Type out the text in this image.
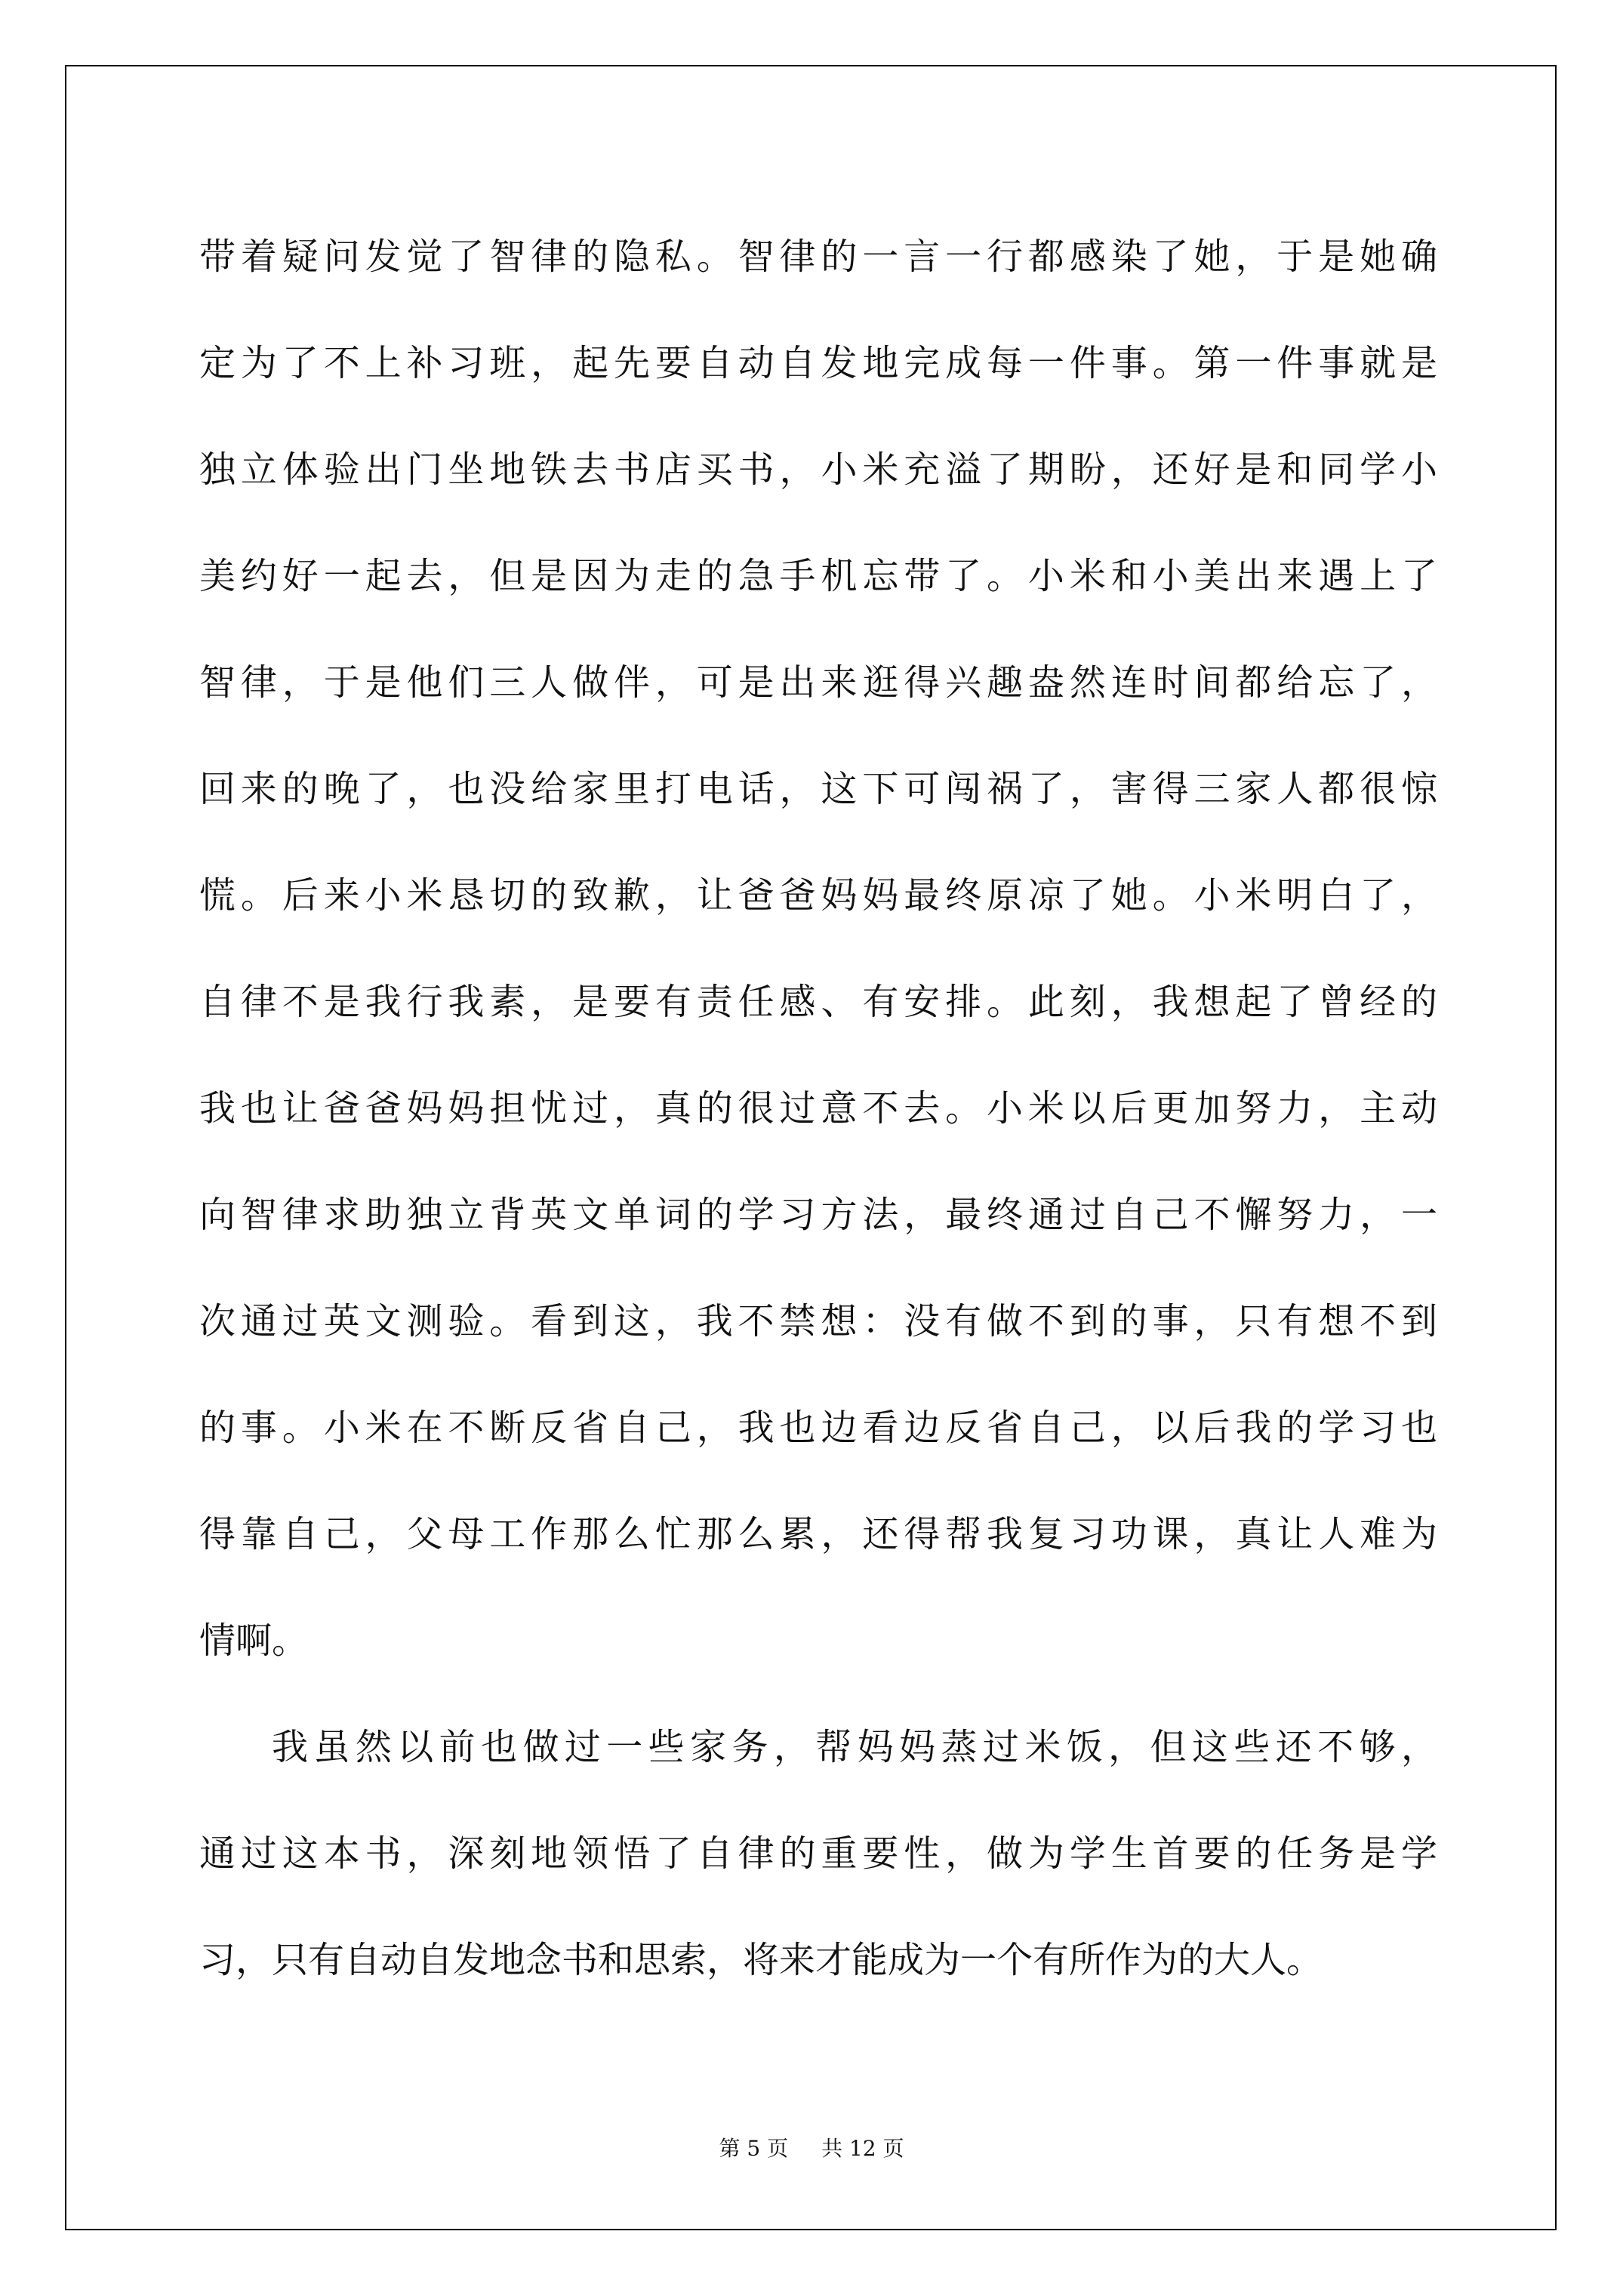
带着疑问发觉了智律的隐私。智律的一言一行都感染了她，于是她确
定为了不上补习班，起先要自动自发地完成每一件事。第一件事就是
独立体验出门坐地铁去书店买书，小米充溢了期盼，还好是和同学小
美约好一起去，但是因为走的急手机忘带了。小米和小美出来遇上了
智律，于是他们三人做伴，可是出来逛得兴趣盎然连时间都给忘了，
回来的晚了，也没给家里打电话，这下可闯祸了，害得三家人都很惊
慌。后来小米恳切的致歉，让爸爸妈妈最终原凉了她。小米明白了，
自律不是我行我素，是要有责任感、有安排。此刻，我想起了曾经的
我也让爸爸妈妈担忧过，真的很过意不去。小米以后更加努力，主动
向智律求助独立背英文单词的学习方法，最终通过自己不懈努力，一
次通过英文测验。看到这，我不禁想：没有做不到的事，只有想不到
的事。小米在不断反省自己，我也边看边反省自己，以后我的学习也
得靠自己，父母工作那么忙那么累，还得帮我复习功课，真让人难为
情啊。
我虽然以前也做过一些家务，帮妈妈蒸过米饭，但这些还不够，
通过这本书，深刻地领悟了自律的重要性，做为学生首要的任务是学
习，只有自动自发地念书和思索，将来才能成为一个有所作为的大人。
第 5 页 共 12 页
